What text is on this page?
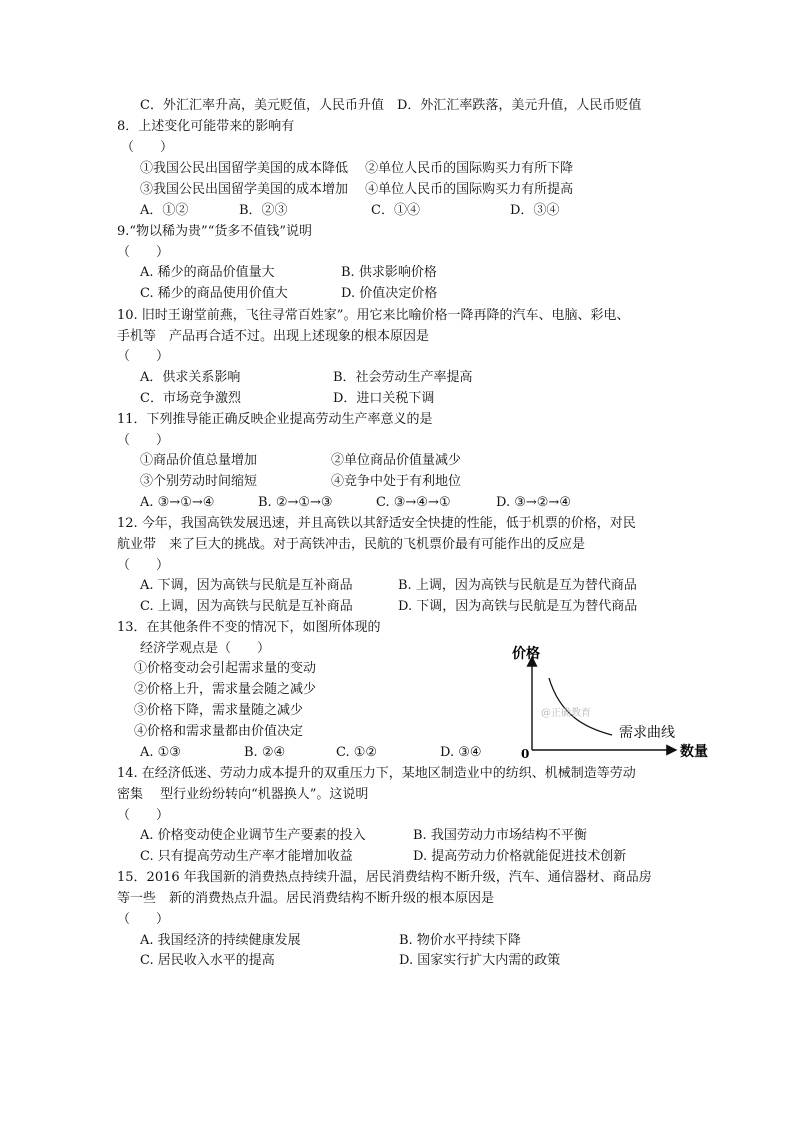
C．外汇汇率升高，美元贬值，人民币升值　D．外汇汇率跌落，美元升值，人民币贬值
8．上述变化可能带来的影响有
（　　）
①我国公民出国留学美国的成本降低　 ②单位人民币的国际购买力有所下降
③我国公民出国留学美国的成本增加　 ④单位人民币的国际购买力有所提高
A．①②	B．②③	C．①④	D．③④
9.“物以稀为贵”“货多不值钱”说明
（　　）
A. 稀少的商品价值量大	B. 供求影响价格
C. 稀少的商品使用价值大	D. 价值决定价格
10. 旧时王谢堂前燕，飞往寻常百姓家”。用它来比喻价格一降再降的汽车、电脑、彩电、
手机等　产品再合适不过。出现上述现象的根本原因是
（　　）
A．供求关系影响	B．社会劳动生产率提高
C．市场竞争激烈	D．进口关税下调
11．下列推导能正确反映企业提高劳动生产率意义的是
（　　）
①商品价值总量增加	②单位商品价值量减少
③个别劳动时间缩短	④竞争中处于有利地位
A. ③→①→④	B. ②→①→③	C. ③→④→①	D. ③→②→④
12. 今年，我国高铁发展迅速，并且高铁以其舒适安全快捷的性能，低于机票的价格，对民
航业带　来了巨大的挑战。对于高铁冲击，民航的飞机票价最有可能作出的反应是
（　　）
A. 下调，因为高铁与民航是互补商品	B. 上调，因为高铁与民航是互为替代商品
C. 上调，因为高铁与民航是互补商品	D. 下调，因为高铁与民航是互为替代商品
13．在其他条件不变的情况下，如图所体现的
经济学观点是（　　）
①价格变动会引起需求量的变动
②价格上升，需求量会随之减少
③价格下降，需求量随之减少
④价格和需求量都由价值决定
A. ①③	B. ②④	C. ①②	D. ③④
14. 在经济低迷、劳动力成本提升的双重压力下，某地区制造业中的纺织、机械制造等劳动
密集　 型行业纷纷转向“机器换人”。这说明
（　　）
A. 价格变动使企业调节生产要素的投入	B. 我国劳动力市场结构不平衡
C. 只有提高劳动生产率才能增加收益	D. 提高劳动力价格就能促进技术创新
15．2016 年我国新的消费热点持续升温，居民消费结构不断升级，汽车、通信器材、商品房
等一些　新的消费热点升温。居民消费结构不断升级的根本原因是
（　　）
A. 我国经济的持续健康发展	B. 物价水平持续下降
C. 居民收入水平的提高	D. 国家实行扩大内需的政策
价格
数量
0
需求曲线
@正确教育
